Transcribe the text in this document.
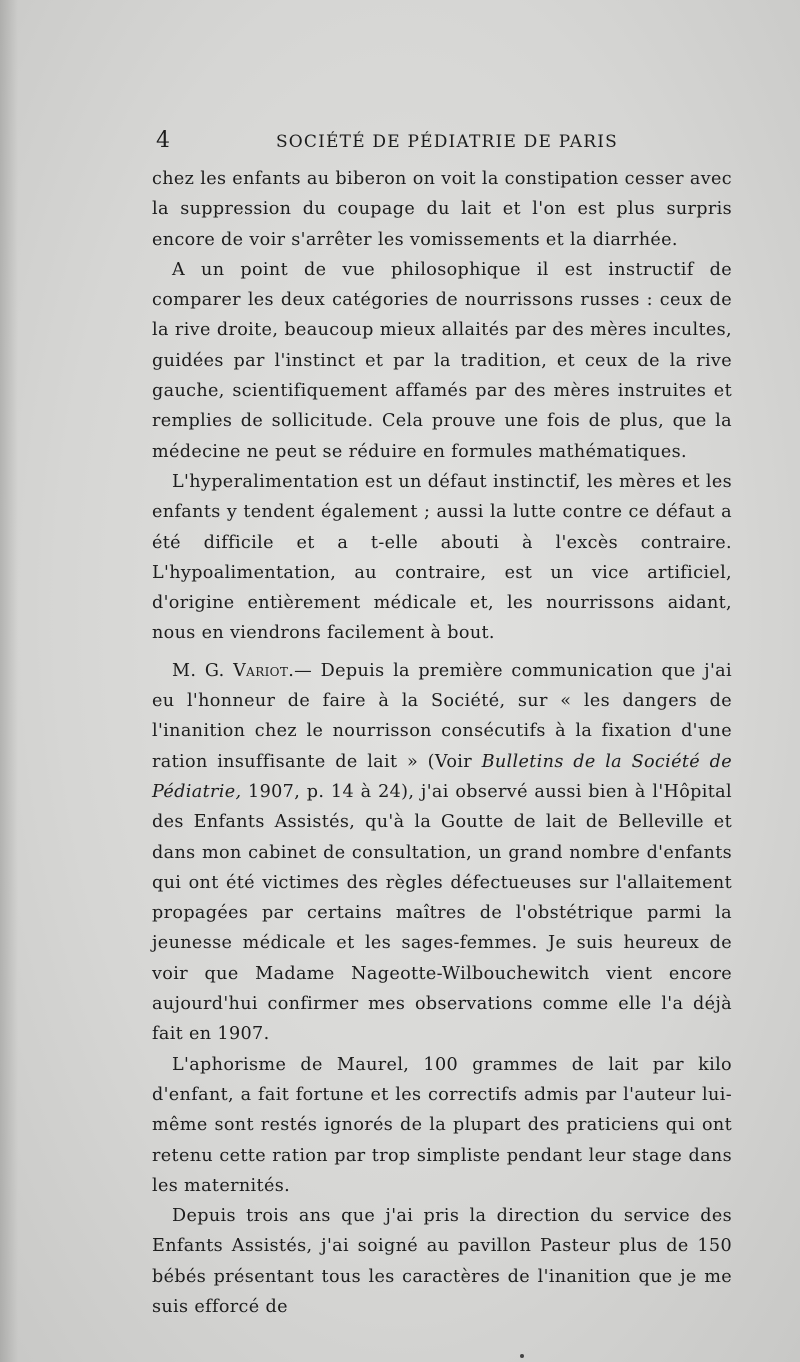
4	SOCIÉTÉ DE PÉDIATRIE DE PARIS

chez les enfants au biberon on voit la constipation cesser avec la suppression du coupage du lait et l'on est plus surpris encore de voir s'arrêter les vomissements et la diarrhée.

A un point de vue philosophique il est instructif de comparer les deux catégories de nourrissons russes : ceux de la rive droite, beaucoup mieux allaités par des mères incultes, guidées par l'instinct et par la tradition, et ceux de la rive gauche, scientifiquement affamés par des mères instruites et remplies de sollicitude. Cela prouve une fois de plus, que la médecine ne peut se réduire en formules mathématiques.

L'hyperalimentation est un défaut instinctif, les mères et les enfants y tendent également ; aussi la lutte contre ce défaut a été difficile et a t-elle abouti à l'excès contraire. L'hypoalimentation, au contraire, est un vice artificiel, d'origine entièrement médicale et, les nourrissons aidant, nous en viendrons facilement à bout.

M. G. Variot.— Depuis la première communication que j'ai eu l'honneur de faire à la Société, sur « les dangers de l'inanition chez le nourrisson consécutifs à la fixation d'une ration insuffisante de lait » (Voir Bulletins de la Société de Pédiatrie, 1907, p. 14 à 24), j'ai observé aussi bien à l'Hôpital des Enfants Assistés, qu'à la Goutte de lait de Belleville et dans mon cabinet de consultation, un grand nombre d'enfants qui ont été victimes des règles défectueuses sur l'allaitement propagées par certains maîtres de l'obstétrique parmi la jeunesse médicale et les sages-femmes. Je suis heureux de voir que Madame Nageotte-Wilbouchewitch vient encore aujourd'hui confirmer mes observations comme elle l'a déjà fait en 1907.

L'aphorisme de Maurel, 100 grammes de lait par kilo d'enfant, a fait fortune et les correctifs admis par l'auteur lui-même sont restés ignorés de la plupart des praticiens qui ont retenu cette ration par trop simpliste pendant leur stage dans les maternités.

Depuis trois ans que j'ai pris la direction du service des Enfants Assistés, j'ai soigné au pavillon Pasteur plus de 150 bébés présentant tous les caractères de l'inanition que je me suis efforcé de
